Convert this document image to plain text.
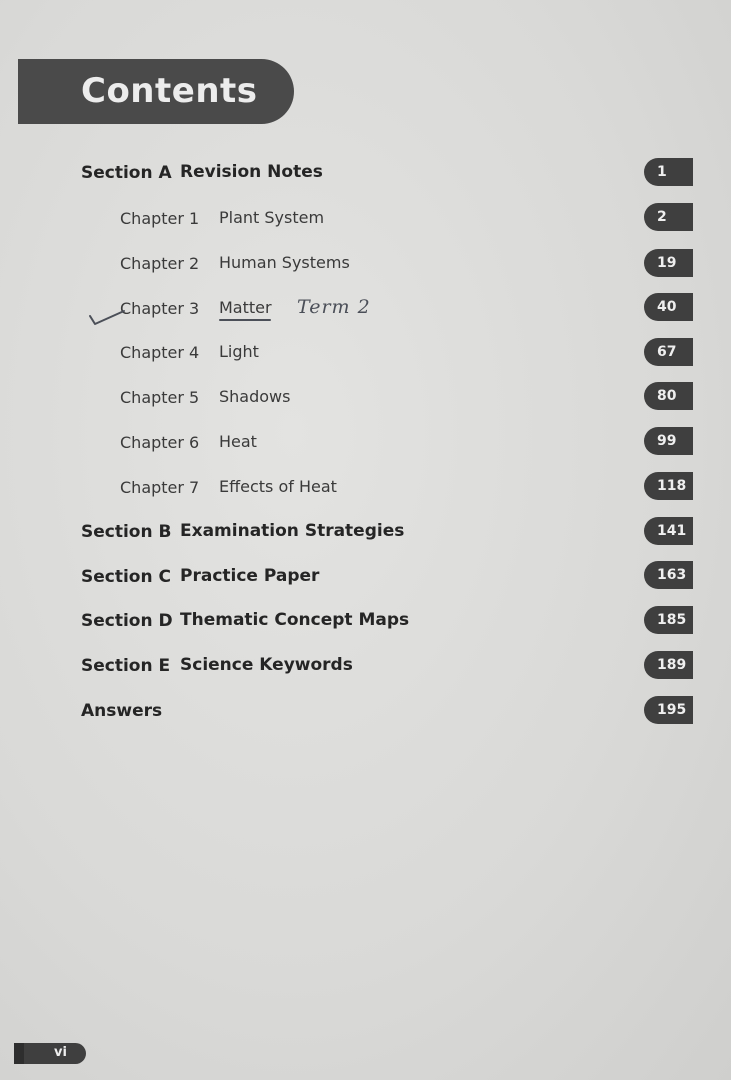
Contents
Section A Revision Notes	1
Chapter 1 Plant System	2
Chapter 2 Human Systems	19
Chapter 3 Matter	40
Chapter 4 Light	67
Chapter 5 Shadows	80
Chapter 6 Heat	99
Chapter 7 Effects of Heat	118
Section B Examination Strategies	141
Section C Practice Paper	163
Section D Thematic Concept Maps	185
Section E Science Keywords	189
Answers	195
Term 2
vi
